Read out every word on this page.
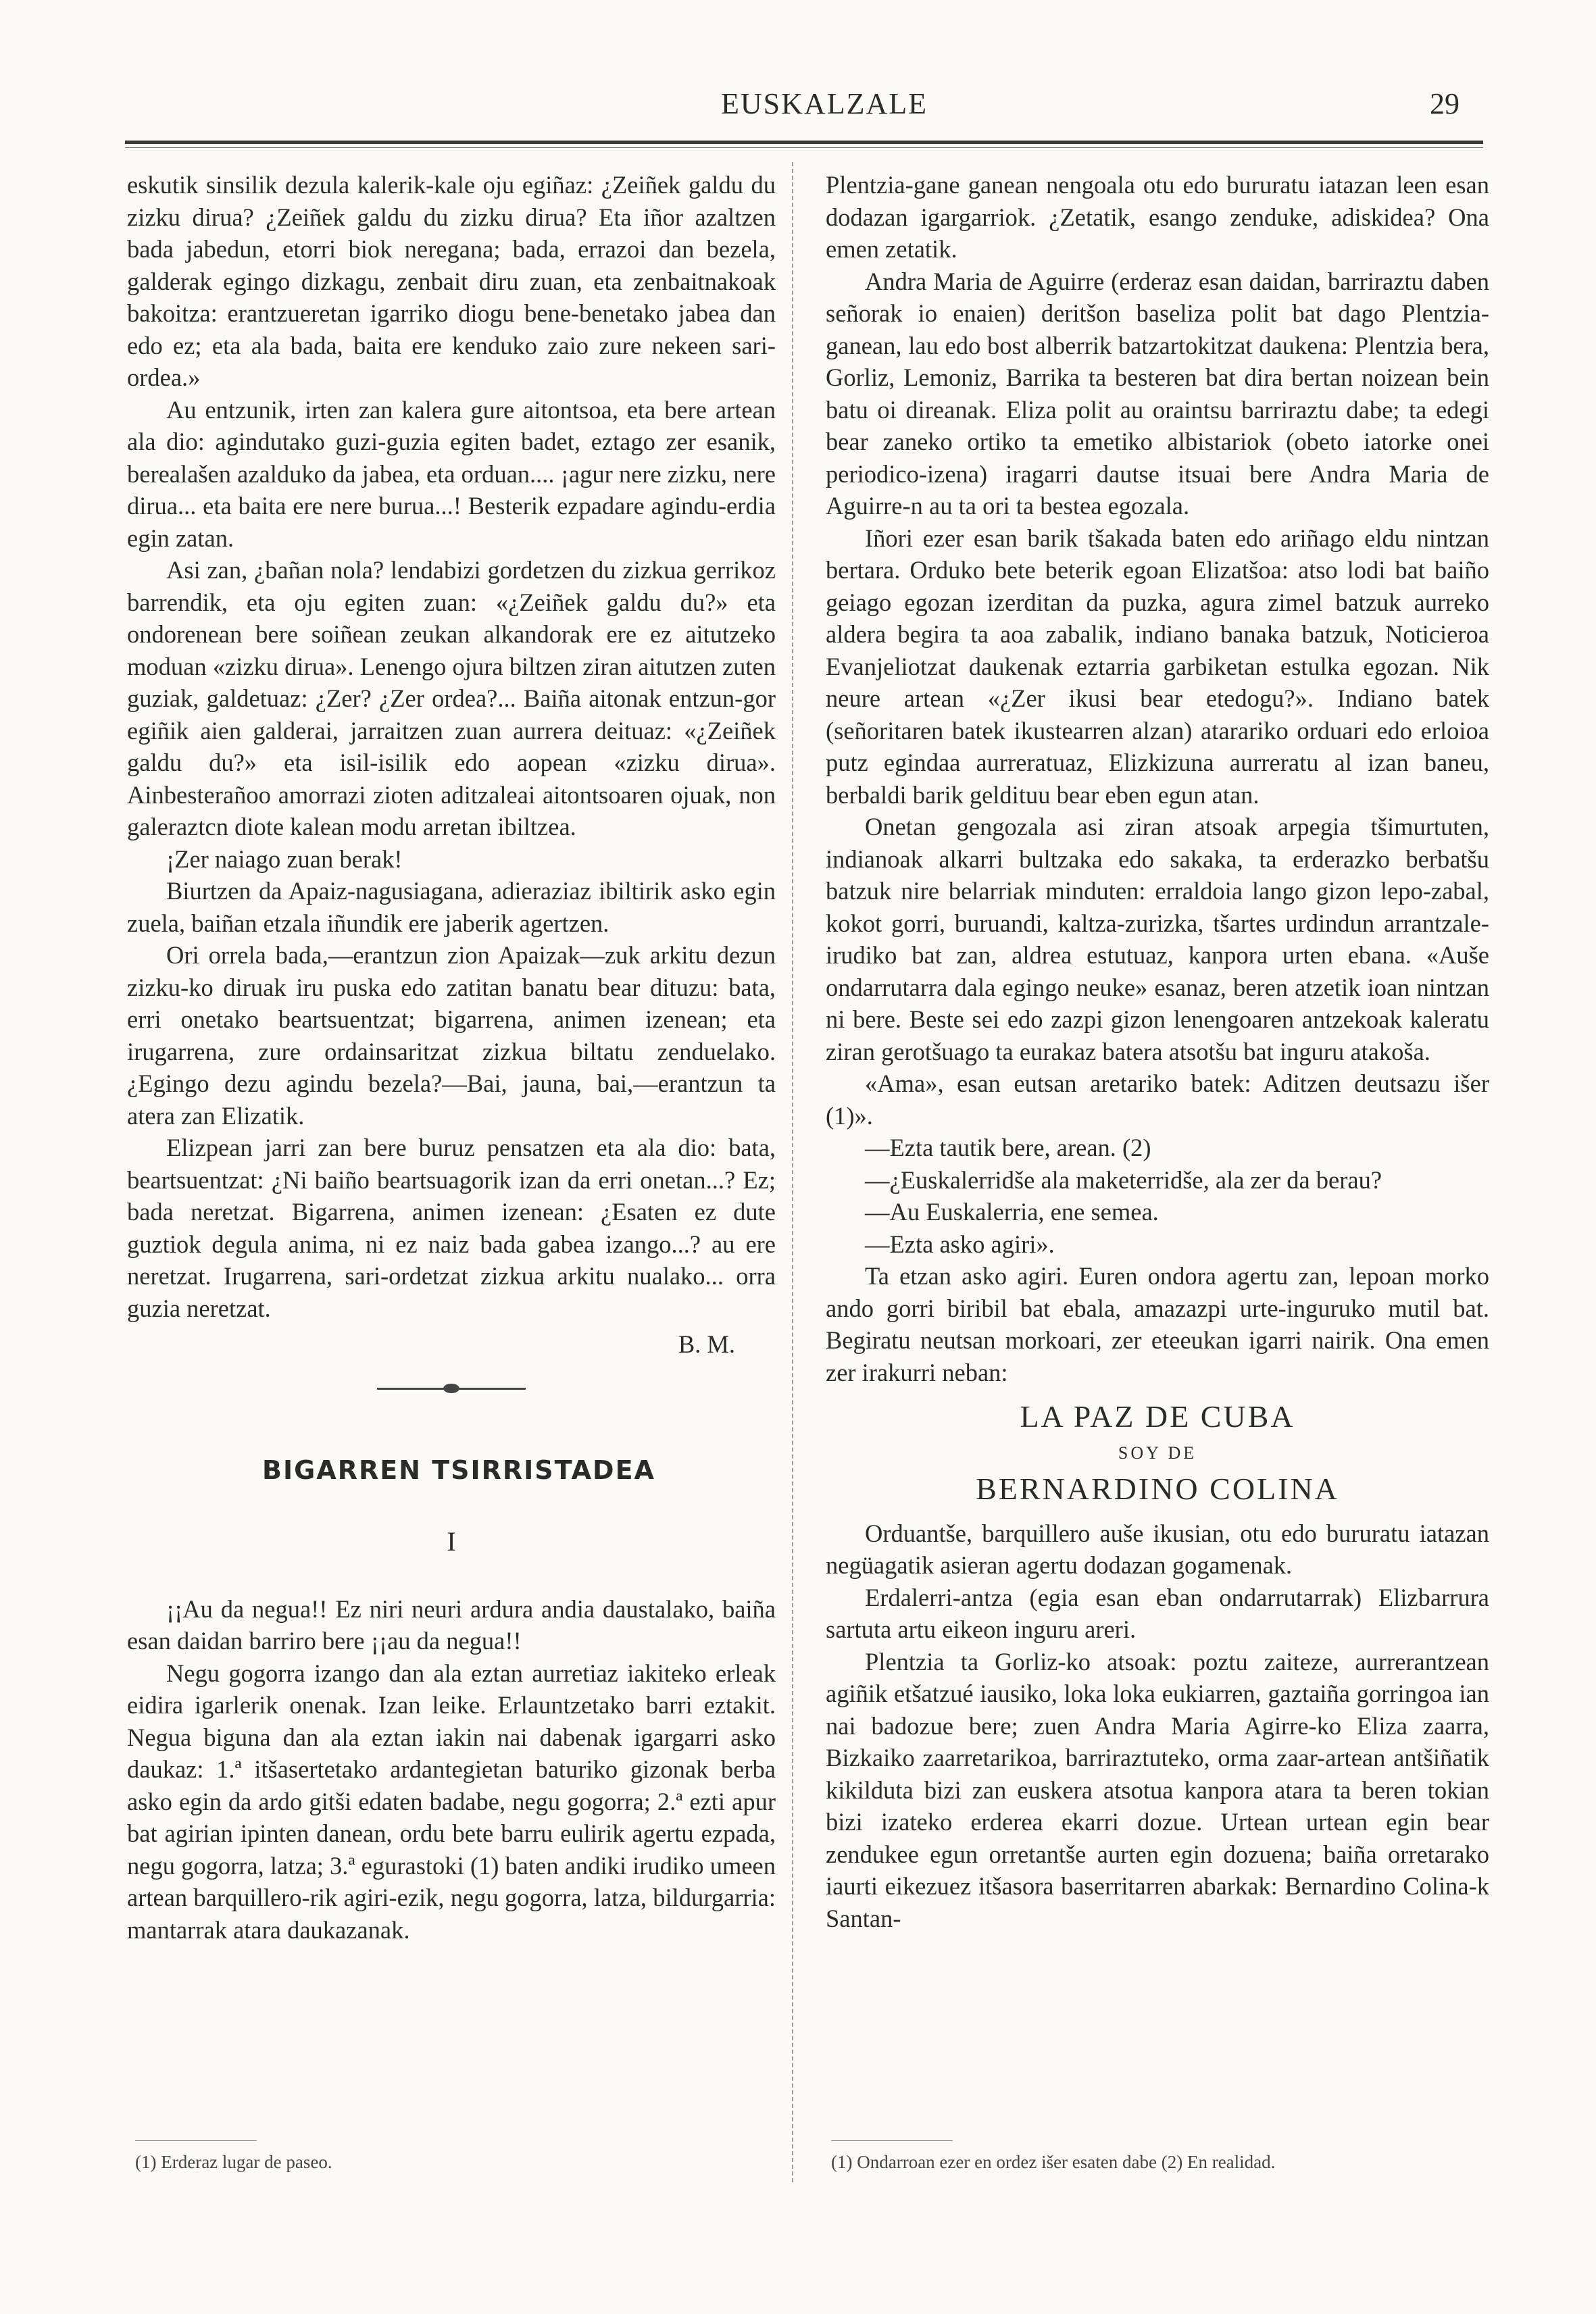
EUSKALZALE	29

eskutik sinsilik dezula kalerik-kale oju egiñaz: ¿Zeiñek galdu du zizku dirua? ¿Zeiñek galdu du zizku dirua? Eta iñor azaltzen bada jabedun, etorri biok neregana; bada, errazoi dan bezela, galderak egingo dizkagu, zenbait diru zuan, eta zenbaitnakoak bakoitza: erantzueretan igarriko diogu bene-benetako jabea dan edo ez; eta ala bada, baita ere kenduko zaio zure nekeen sari-ordea.»

Au entzunik, irten zan kalera gure aitontsoa, eta bere artean ala dio: agindutako guzi-guzia egiten badet, eztago zer esanik, berealašen azalduko da jabea, eta orduan.... ¡agur nere zizku, nere dirua... eta baita ere nere burua...! Besterik ezpadare agindu-erdia egin zatan.

Asi zan, ¿bañan nola? lendabizi gordetzen du zizkua gerrikoz barrendik, eta oju egiten zuan: «¿Zeiñek galdu du?» eta ondorenean bere soiñean zeukan alkandorak ere ez aitutzeko moduan «zizku dirua». Lenengo ojura biltzen ziran aitutzen zuten guziak, galdetuaz: ¿Zer? ¿Zer ordea?... Baiña aitonak entzun-gor egiñik aien galderai, jarraitzen zuan aurrera deituaz: «¿Zeiñek galdu du?» eta isil-isilik edo aopean «zizku dirua». Ainbesterañoo amorrazi zioten aditzaleai aitontsoaren ojuak, non galeraztcn diote kalean modu arretan ibiltzea.

¡Zer naiago zuan berak!

Biurtzen da Apaiz-nagusiagana, adieraziaz ibiltirik asko egin zuela, baiñan etzala iñundik ere jaberik agertzen.

Ori orrela bada,—erantzun zion Apaizak—zuk arkitu dezun zizku-ko diruak iru puska edo zatitan banatu bear dituzu: bata, erri onetako beartsuentzat; bigarrena, animen izenean; eta irugarrena, zure ordainsaritzat zizkua biltatu zenduelako. ¿Egingo dezu agindu bezela?—Bai, jauna, bai,—erantzun ta atera zan Elizatik.

Elizpean jarri zan bere buruz pensatzen eta ala dio: bata, beartsuentzat: ¿Ni baiño beartsuagorik izan da erri onetan...? Ez; bada neretzat. Bigarrena, animen izenean: ¿Esaten ez dute guztiok degula anima, ni ez naiz bada gabea izango...? au ere neretzat. Irugarrena, sari-ordetzat zizkua arkitu nualako... orra guzia neretzat.

B. M.

BIGARREN TSIRRISTADEA
I

¡¡Au da negua!! Ez niri neuri ardura andia daustalako, baiña esan daidan barriro bere ¡¡au da negua!!

Negu gogorra izango dan ala eztan aurretiaz iakiteko erleak eidira igarlerik onenak. Izan leike. Erlauntzetako barri eztakit. Negua biguna dan ala eztan iakin nai dabenak igargarri asko daukaz: 1.ª itšasertetako ardantegietan baturiko gizonak berba asko egin da ardo gitši edaten badabe, negu gogorra; 2.ª ezti apur bat agirian ipinten danean, ordu bete barru eulirik agertu ezpada, negu gogorra, latza; 3.ª egurastoki (1) baten andiki irudiko umeen artean barquillero-rik agiri-ezik, negu gogorra, latza, bildurgarria: mantarrak atara daukazanak.

Plentzia-gane ganean nengoala otu edo bururatu iatazan leen esan dodazan igargarriok. ¿Zetatik, esango zenduke, adiskidea? Ona emen zetatik.

Andra Maria de Aguirre (erderaz esan daidan, barriraztu daben señorak io enaien) deritšon baseliza polit bat dago Plentzia-ganean, lau edo bost alberrik batzartokitzat daukena: Plentzia bera, Gorliz, Lemoniz, Barrika ta besteren bat dira bertan noizean bein batu oi direanak. Eliza polit au oraintsu barriraztu dabe; ta edegi bear zaneko ortiko ta emetiko albistariok (obeto iatorke onei periodico-izena) iragarri dautse itsuai bere Andra Maria de Aguirre-n au ta ori ta bestea egozala.

Iñori ezer esan barik tšakada baten edo ariñago eldu nintzan bertara. Orduko bete beterik egoan Elizatšoa: atso lodi bat baiño geiago egozan izerditan da puzka, agura zimel batzuk aurreko aldera begira ta aoa zabalik, indiano banaka batzuk, Noticieroa Evanjeliotzat daukenak eztarria garbiketan estulka egozan. Nik neure artean «¿Zer ikusi bear etedogu?». Indiano batek (señoritaren batek ikustearren alzan) atarariko orduari edo erloioa putz egindaa aurreratuaz, Elizkizuna aurreratu al izan baneu, berbaldi barik geldituu bear eben egun atan.

Onetan gengozala asi ziran atsoak arpegia tšimurtuten, indianoak alkarri bultzaka edo sakaka, ta erderazko berbatšu batzuk nire belarriak minduten: erraldoia lango gizon lepo-zabal, kokot gorri, buruandi, kaltza-zurizka, tšartes urdindun arrantzale-irudiko bat zan, aldrea estutuaz, kanpora urten ebana. «Auše ondarrutarra dala egingo neuke» esanaz, beren atzetik ioan nintzan ni bere. Beste sei edo zazpi gizon lenengoaren antzekoak kaleratu ziran gerotšuago ta eurakaz batera atsotšu bat inguru atakoša.

«Ama», esan eutsan aretariko batek: Aditzen deutsazu išer (1)».

—Ezta tautik bere, arean. (2)

—¿Euskalerridše ala maketerridše, ala zer da berau?

—Au Euskalerria, ene semea.

—Ezta asko agiri».

Ta etzan asko agiri. Euren ondora agertu zan, lepoan morko ando gorri biribil bat ebala, amazazpi urte-inguruko mutil bat. Begiratu neutsan morkoari, zer eteeukan igarri nairik. Ona emen zer irakurri neban:

LA PAZ DE CUBA
SOY DE
BERNARDINO COLINA

Orduantše, barquillero auše ikusian, otu edo bururatu iatazan negüagatik asieran agertu dodazan gogamenak.

Erdalerri-antza (egia esan eban ondarrutarrak) Elizbarrura sartuta artu eikeon inguru areri.

Plentzia ta Gorliz-ko atsoak: poztu zaiteze, aurrerantzean agiñik etšatzué iausiko, loka loka eukiarren, gaztaiña gorringoa ian nai badozue bere; zuen Andra Maria Agirre-ko Eliza zaarra, Bizkaiko zaarretarikoa, barriraztuteko, orma zaar-artean antšiñatik kikilduta bizi zan euskera atsotua kanpora atara ta beren tokian bizi izateko erderea ekarri dozue. Urtean urtean egin bear zendukee egun orretantše aurten egin dozuena; baiña orretarako iaurti eikezuez itšasora baserritarren abarkak: Bernardino Colina-k Santan-

(1) Erderaz lugar de paseo.	(1) Ondarroan ezer en ordez išer esaten dabe (2) En realidad.
